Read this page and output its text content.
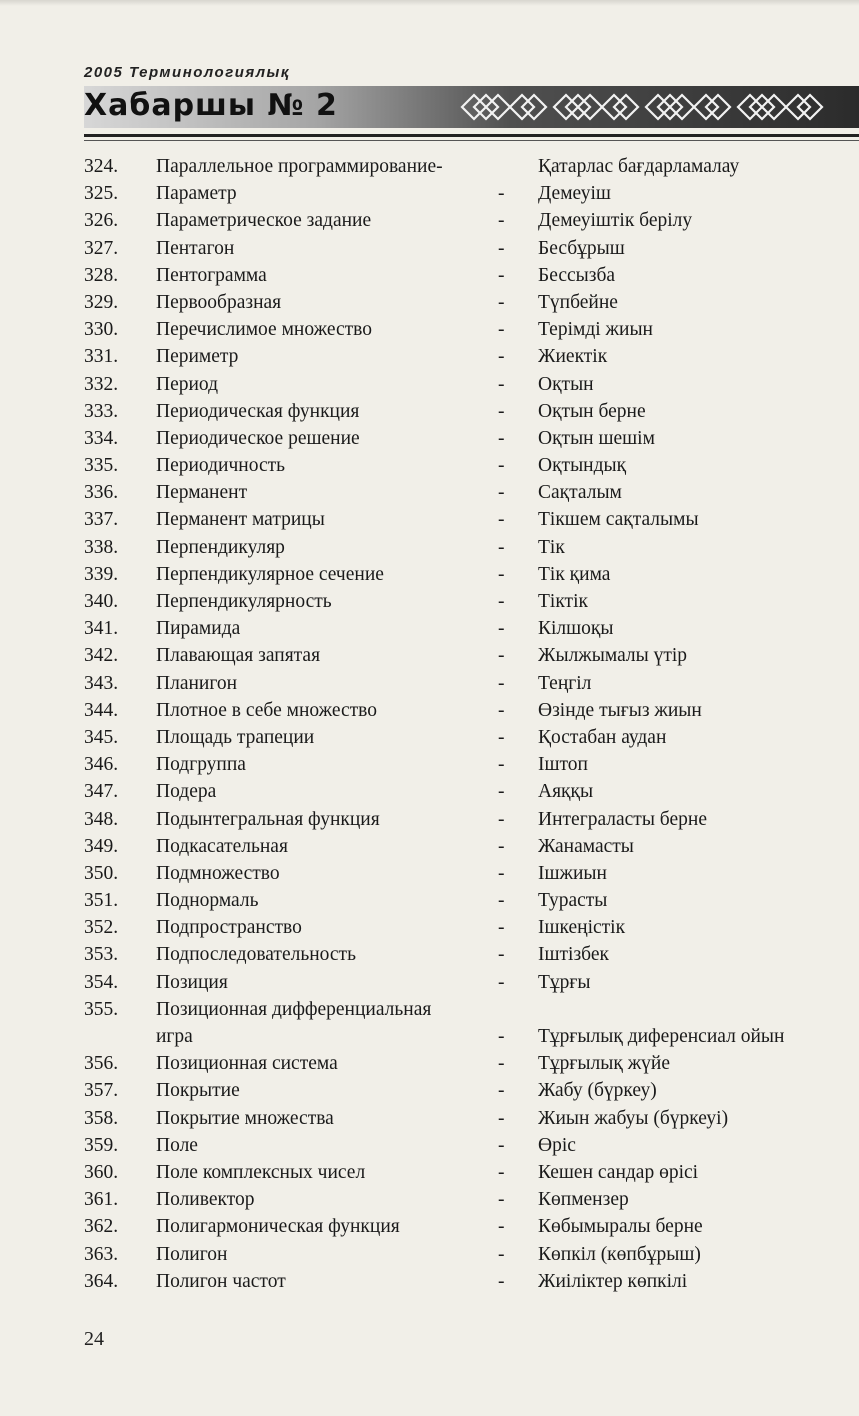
2005 Терминологиялық
Хабаршы № 2
324. Параллельное программирование-	Қатарлас бағдарламалау
325. Параметр	- Демеуіш
326. Параметрическое задание	- Демеуіштік берілу
327. Пентагон	- Бесбұрыш
328. Пентограмма	- Бессызба
329. Первообразная	- Түпбейне
330. Перечислимое множество	- Терімді жиын
331. Периметр	- Жиектік
332. Период	- Оқтын
333. Периодическая функция	- Оқтын берне
334. Периодическое решение	- Оқтын шешім
335. Периодичность	- Оқтындық
336. Перманент	- Сақталым
337. Перманент матрицы	- Тікшем сақталымы
338. Перпендикуляр	- Тік
339. Перпендикулярное сечение	- Тік қима
340. Перпендикулярность	- Тіктік
341. Пирамида	- Кілшоқы
342. Плавающая запятая	- Жылжымалы үтір
343. Планигон	- Теңгіл
344. Плотное в себе множество	- Өзінде тығыз жиын
345. Площадь трапеции	- Қостабан аудан
346. Подгруппа	- Іштоп
347. Подера	- Аяққы
348. Подынтегральная функция	- Интеграласты берне
349. Подкасательная	- Жанамасты
350. Подмножество	- Ішжиын
351. Поднормаль	- Турасты
352. Подпространство	- Ішкеңістік
353. Подпоследовательность	- Іштізбек
354. Позиция	- Тұрғы
355. Позиционная дифференциальная
игра	- Тұрғылық диференсиал ойын
356. Позиционная система	- Тұрғылық жүйе
357. Покрытие	- Жабу (бүркеу)
358. Покрытие множества	- Жиын жабуы (бүркеуі)
359. Поле	- Өріс
360. Поле комплексных чисел	- Кешен сандар өрісі
361. Поливектор	- Көпмензер
362. Полигармоническая функция	- Көбымыралы берне
363. Полигон	- Көпкіл (көпбұрыш)
364. Полигон частот	- Жиіліктер көпкілі
24
